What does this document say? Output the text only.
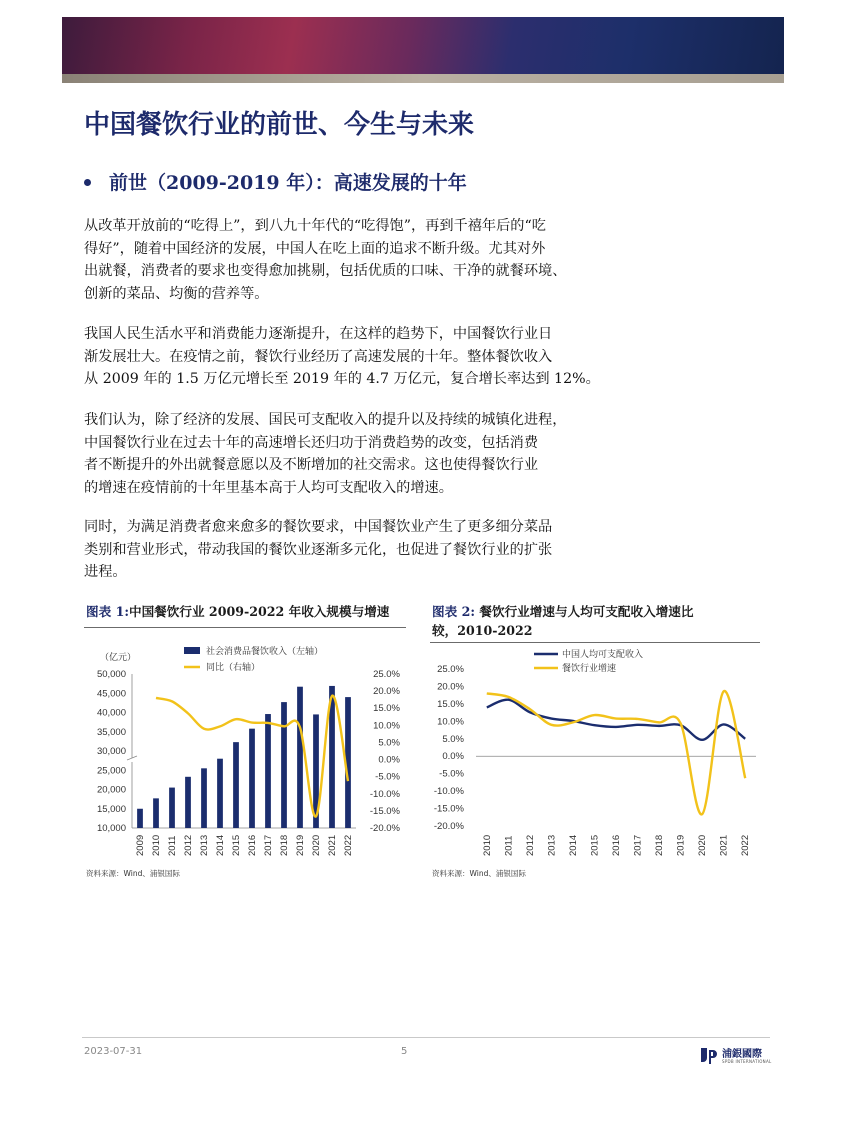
中国餐饮行业的前世、今生与未来
前世（2009-2019 年）：高速发展的十年
从改革开放前的“吃得上”，到八九十年代的“吃得饱”，再到千禧年后的“吃
得好”，随着中国经济的发展，中国人在吃上面的追求不断升级。尤其对外
出就餐，消费者的要求也变得愈加挑剔，包括优质的口味、干净的就餐环境、
创新的菜品、均衡的营养等。
我国人民生活水平和消费能力逐渐提升，在这样的趋势下，中国餐饮行业日
渐发展壮大。在疫情之前，餐饮行业经历了高速发展的十年。整体餐饮收入
从 2009 年的 1.5 万亿元增长至 2019 年的 4.7 万亿元，复合增长率达到 12%。
我们认为，除了经济的发展、国民可支配收入的提升以及持续的城镇化进程，
中国餐饮行业在过去十年的高速增长还归功于消费趋势的改变，包括消费
者不断提升的外出就餐意愿以及不断增加的社交需求。这也使得餐饮行业
的增速在疫情前的十年里基本高于人均可支配收入的增速。
同时，为满足消费者愈来愈多的餐饮要求，中国餐饮业产生了更多细分菜品
类别和营业形式，带动我国的餐饮业逐渐多元化，也促进了餐饮行业的扩张
进程。
图表 1:中国餐饮行业 2009-2022 年收入规模与增速	图表 2: 餐饮行业增速与人均可支配收入增速比
较，2010-2022
（亿元）
社会消费品餐饮收入（左轴）
同比（右轴）
10,000
15,000
20,000
25,000
30,000
35,000
40,000
45,000
50,000
-20.0%
-15.0%
-10.0%
-5.0%
0.0%
5.0%
10.0%
15.0%
20.0%
25.0%
2009 2010 2011 2012 2013 2014 2015 2016 2017 2018 2019 2020 2021 2022
中国人均可支配收入
餐饮行业增速
-20.0%
-15.0%
-10.0%
-5.0%
0.0%
5.0%
10.0%
15.0%
20.0%
25.0%
2010 2011 2012 2013 2014 2015 2016 2017 2018 2019 2020 2021 2022
资料来源：Wind、浦银国际	资料来源：Wind、浦银国际
2023-07-31	5	浦銀國際
SPDB INTERNATIONAL
